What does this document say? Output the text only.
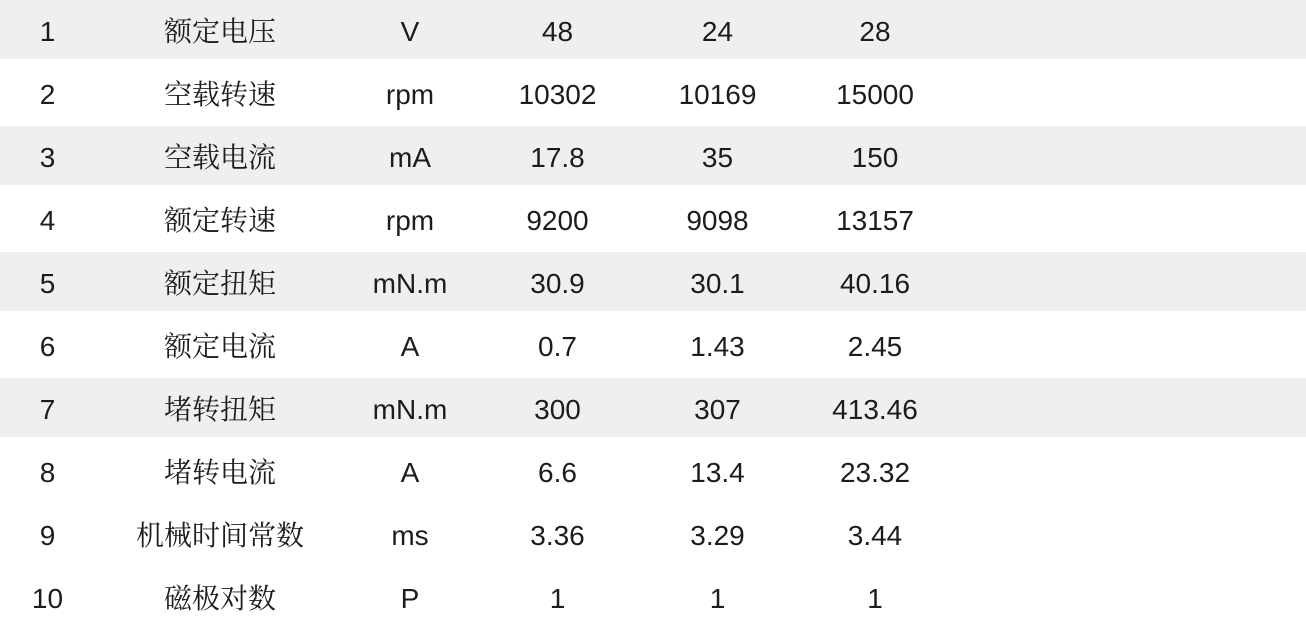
1	额定电压	V	48	24	28
2	空载转速	rpm	10302	10169	15000
3	空载电流	mA	17.8	35	150
4	额定转速	rpm	9200	9098	13157
5	额定扭矩	mN.m	30.9	30.1	40.16
6	额定电流	A	0.7	1.43	2.45
7	堵转扭矩	mN.m	300	307	413.46
8	堵转电流	A	6.6	13.4	23.32
9	机械时间常数	ms	3.36	3.29	3.44
10	磁极对数	P	1	1	1
